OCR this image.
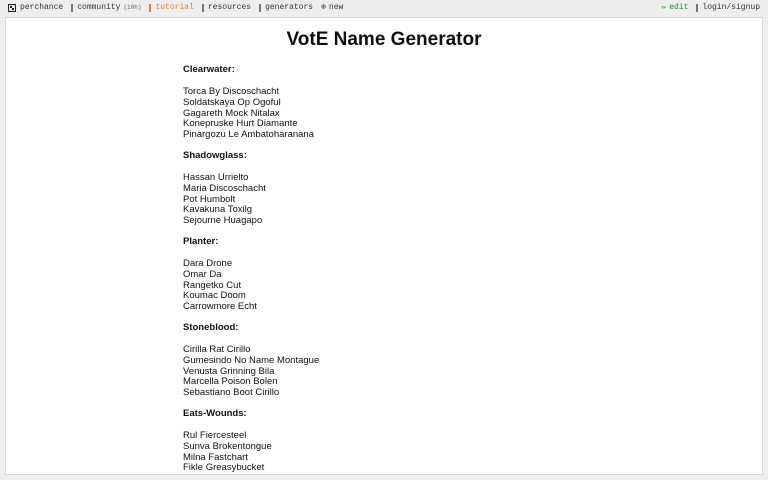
perchance community (10h) tutorial resources generators ⊕ new	✏ edit login/signup
VotE Name Generator
Clearwater:
Torca By Discoschacht
Soldatskaya Op Ogoful
Gagareth Mock Nitalax
Konepruske Hurt Diamante
Pinargozu Le Ambatoharanana
Shadowglass:
Hassan Urrielto
Maria Discoschacht
Pot Humbolt
Kavakuna Toxilg
Sejourne Huagapo
Planter:
Dara Drone
Omar Da
Rangetko Cut
Koumac Doom
Carrowmore Echt
Stoneblood:
Cirilla Rat Cirillo
Gumesindo No Name Montague
Venusta Grinning Bila
Marcella Poison Bolen
Sebastiano Boot Cirillo
Eats-Wounds:
Rul Fiercesteel
Sunva Brokentongue
Milna Fastchart
Fikle Greasybucket
